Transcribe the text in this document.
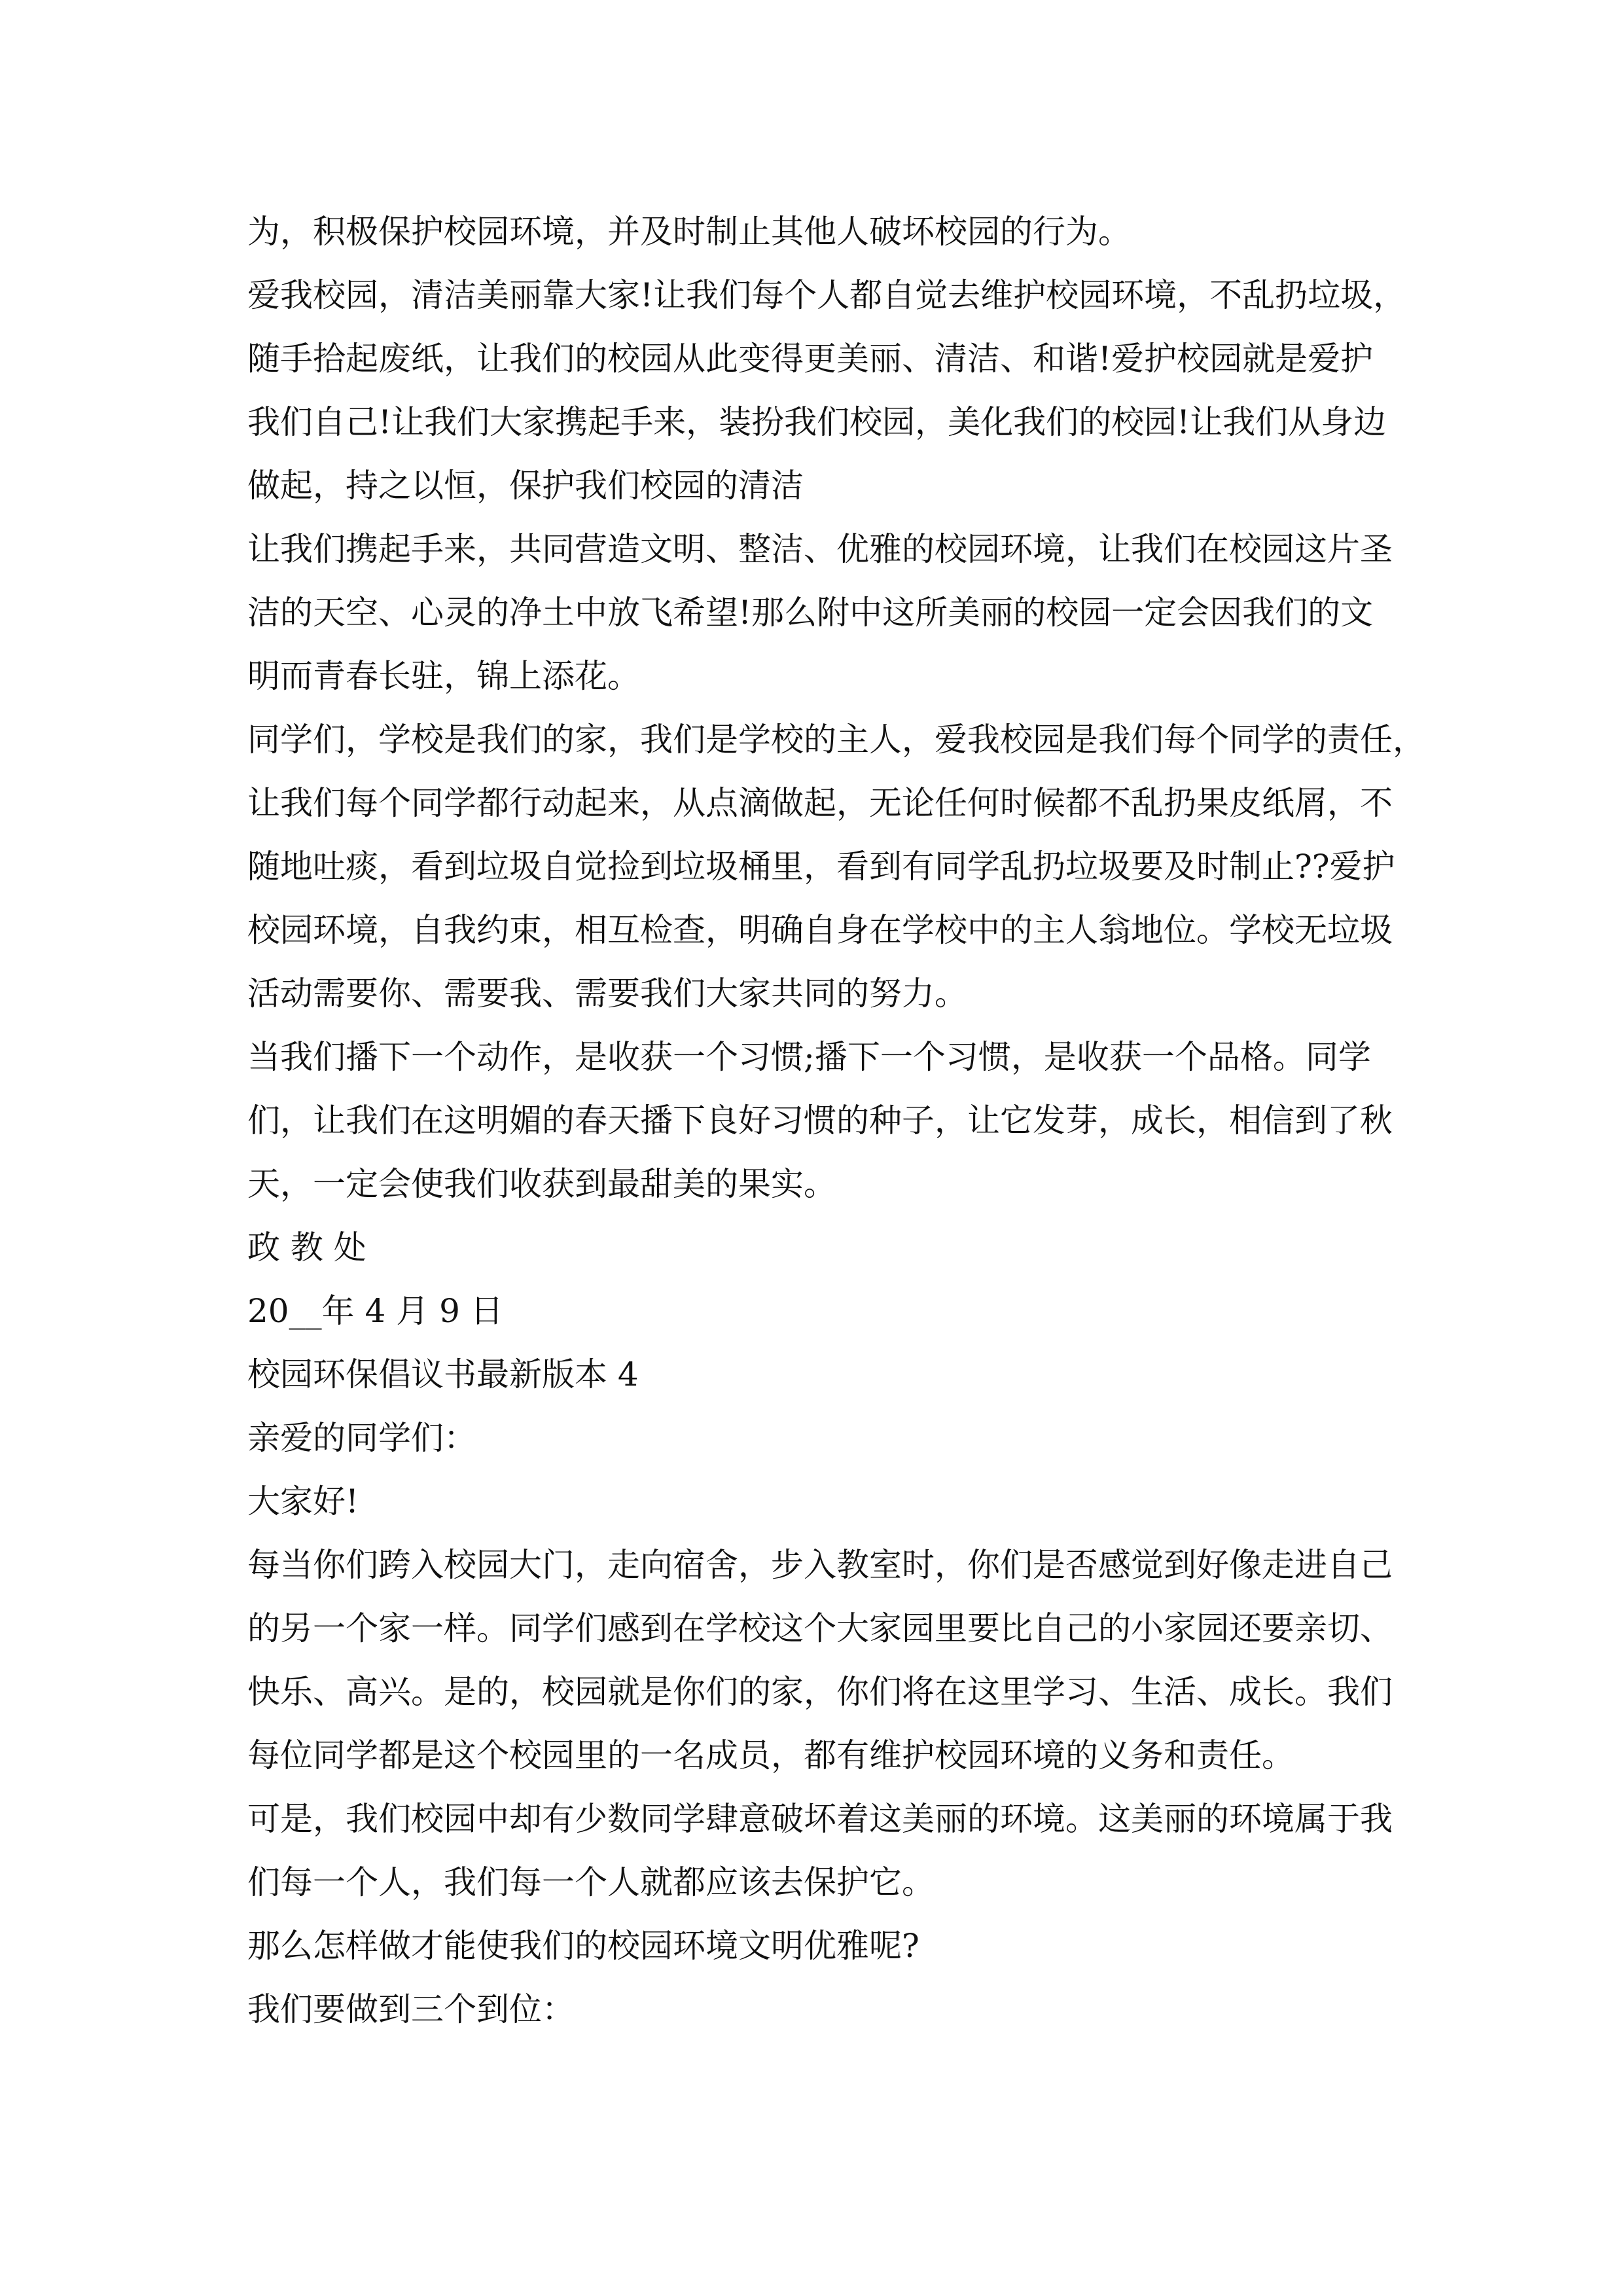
为，积极保护校园环境，并及时制止其他人破坏校园的行为。
爱我校园，清洁美丽靠大家!让我们每个人都自觉去维护校园环境，不乱扔垃圾，
随手拾起废纸，让我们的校园从此变得更美丽、清洁、和谐!爱护校园就是爱护
我们自己!让我们大家携起手来，装扮我们校园，美化我们的校园!让我们从身边
做起，持之以恒，保护我们校园的清洁
让我们携起手来，共同营造文明、整洁、优雅的校园环境，让我们在校园这片圣
洁的天空、心灵的净土中放飞希望!那么附中这所美丽的校园一定会因我们的文
明而青春长驻，锦上添花。
同学们，学校是我们的家，我们是学校的主人，爱我校园是我们每个同学的责任，
让我们每个同学都行动起来，从点滴做起，无论任何时候都不乱扔果皮纸屑，不
随地吐痰，看到垃圾自觉捡到垃圾桶里，看到有同学乱扔垃圾要及时制止??爱护
校园环境，自我约束，相互检查，明确自身在学校中的主人翁地位。学校无垃圾
活动需要你、需要我、需要我们大家共同的努力。
当我们播下一个动作，是收获一个习惯;播下一个习惯，是收获一个品格。同学
们，让我们在这明媚的春天播下良好习惯的种子，让它发芽，成长，相信到了秋
天，一定会使我们收获到最甜美的果实。
政 教 处
20__年 4 月 9 日
校园环保倡议书最新版本 4
亲爱的同学们：
大家好!
每当你们跨入校园大门，走向宿舍，步入教室时，你们是否感觉到好像走进自己
的另一个家一样。同学们感到在学校这个大家园里要比自己的小家园还要亲切、
快乐、高兴。是的，校园就是你们的家，你们将在这里学习、生活、成长。我们
每位同学都是这个校园里的一名成员，都有维护校园环境的义务和责任。
可是，我们校园中却有少数同学肆意破坏着这美丽的环境。这美丽的环境属于我
们每一个人，我们每一个人就都应该去保护它。
那么怎样做才能使我们的校园环境文明优雅呢?
我们要做到三个到位：
